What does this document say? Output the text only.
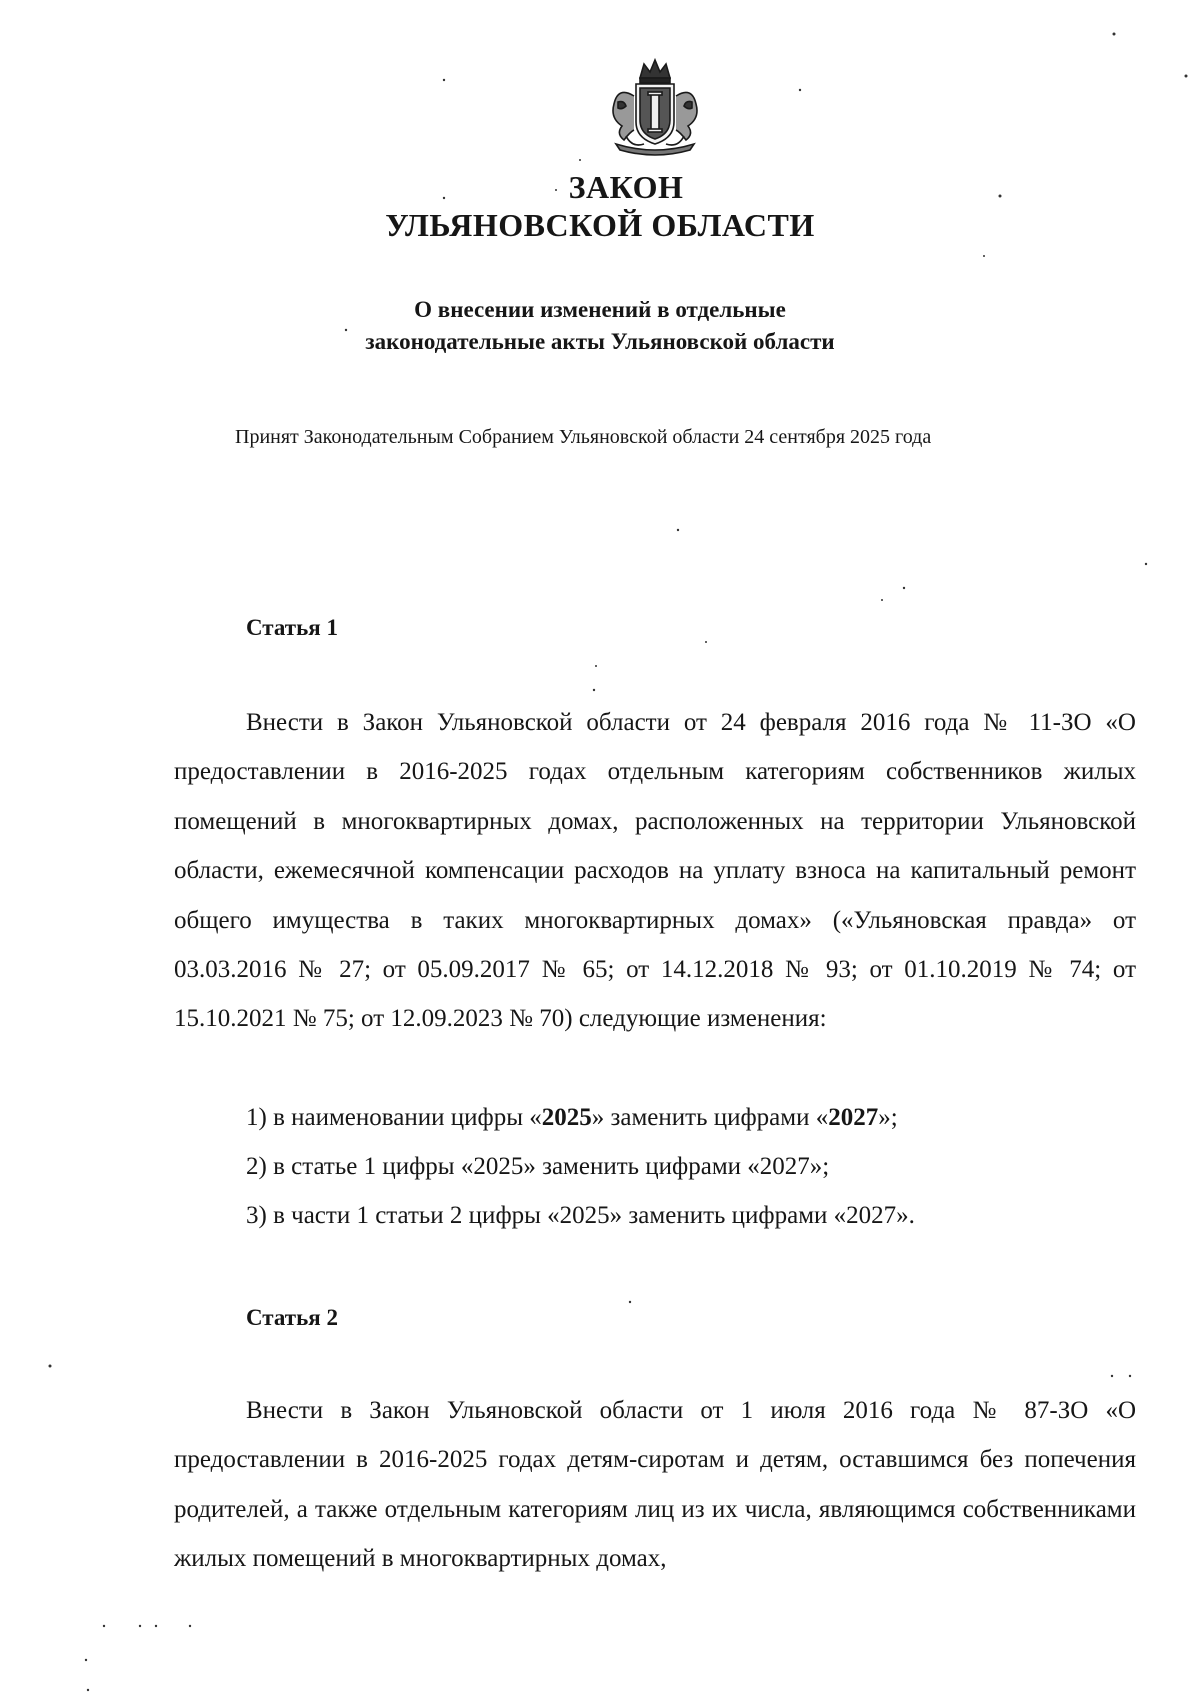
ЗАКОН
УЛЬЯНОВСКОЙ ОБЛАСТИ
О внесении изменений в отдельные
законодательные акты Ульяновской области
Принят Законодательным Собранием Ульяновской области 24 сентября 2025 года
Статья 1

Внести в Закон Ульяновской области от 24 февраля 2016 года № 11-ЗО «О предоставлении в 2016-2025 годах отдельным категориям собственников жилых помещений в многоквартирных домах, расположенных на территории Ульяновской области, ежемесячной компенсации расходов на уплату взноса на капитальный ремонт общего имущества в таких многоквартирных домах» («Ульяновская правда» от 03.03.2016 № 27; от 05.09.2017 № 65; от 14.12.2018 № 93; от 01.10.2019 № 74; от 15.10.2021 № 75; от 12.09.2023 № 70) следующие изменения:

1) в наименовании цифры «2025» заменить цифрами «2027»;
2) в статье 1 цифры «2025» заменить цифрами «2027»;
3) в части 1 статьи 2 цифры «2025» заменить цифрами «2027».
Статья 2

Внести в Закон Ульяновской области от 1 июля 2016 года № 87-ЗО «О предоставлении в 2016-2025 годах детям-сиротам и детям, оставшимся без попечения родителей, а также отдельным категориям лиц из их числа, являющимся собственниками жилых помещений в многоквартирных домах,
